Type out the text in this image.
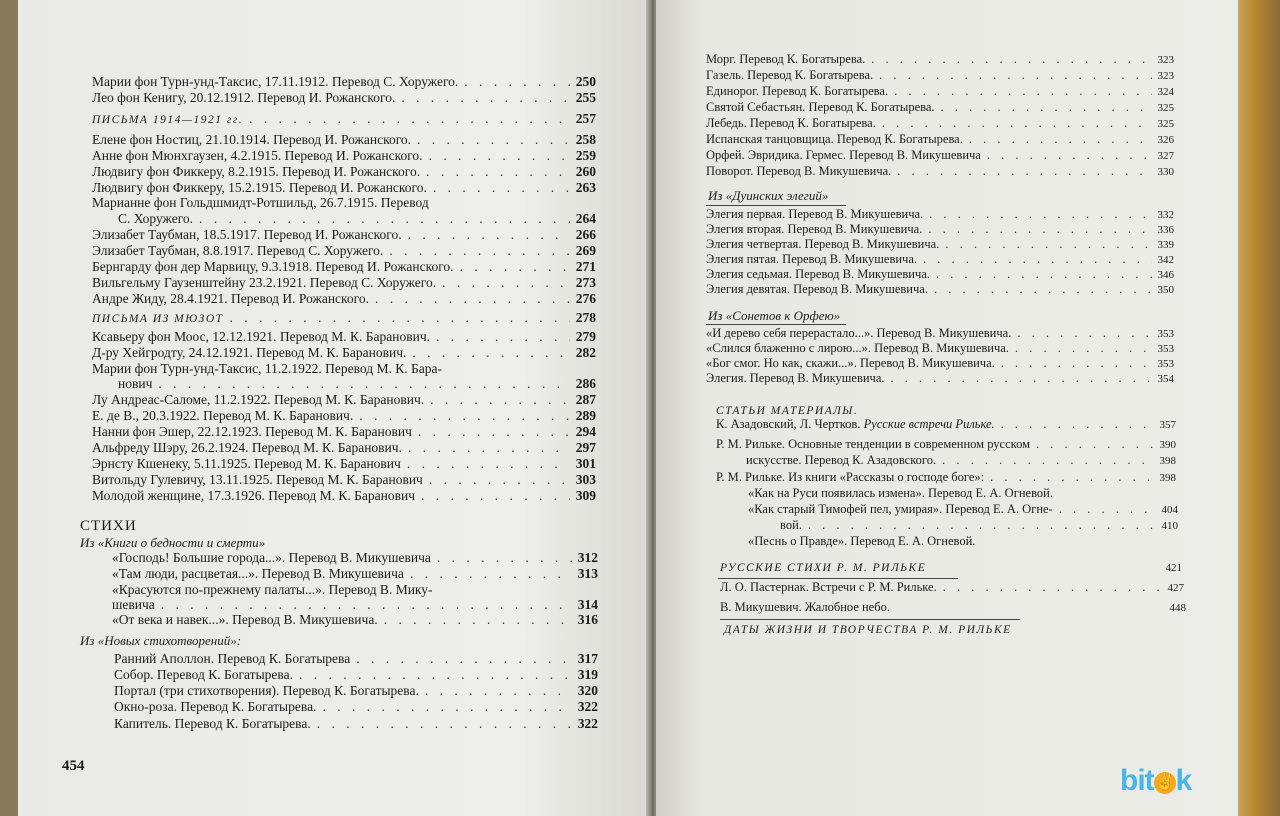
Марии фон Турн-унд-Таксис, 17.11.1912. Перевод С. Хоружего. . . .	250
Лео фон Кенигу, 20.12.1912. Перевод И. Рожанского. . . .	255
ПИСЬМА 1914—1921 гг. . . .	257
Елене фон Ностиц, 21.10.1914. Перевод И. Рожанского. . . .	258
Анне фон Мюнхгаузен, 4.2.1915. Перевод И. Рожанского. . . .	259
Людвигу фон Фиккеру, 8.2.1915. Перевод И. Рожанского. . . .	260
Людвигу фон Фиккеру, 15.2.1915. Перевод И. Рожанского. . . .	263
Марианне фон Гольдшмидт-Ротшильд, 26.7.1915. Перевод
С. Хоружего. . . .	264
Элизабет Таубман, 18.5.1917. Перевод И. Рожанского. . . .	266
Элизабет Таубман, 8.8.1917. Перевод С. Хоружего. . . .	269
Бернгарду фон дер Марвицу, 9.3.1918. Перевод И. Рожанского. . . .	271
Вильгельму Гаузенштейну 23.2.1921. Перевод С. Хоружего. . . .	273
Андре Жиду, 28.4.1921. Перевод И. Рожанского. . . .	276
ПИСЬМА ИЗ МЮЗОТ . . .	278
Ксавьеру фон Моос, 12.12.1921. Перевод М. К. Баранович. . . .	279
Д-ру Хейгродту, 24.12.1921. Перевод М. К. Баранович. . . .	282
Марии фон Турн-унд-Таксис, 11.2.1922. Перевод М. К. Бара-
нович . . .	286
Лу Андреас-Саломе, 11.2.1922. Перевод М. К. Баранович. . . .	287
Е. де В., 20.3.1922. Перевод М. К. Баранович. . . .	289
Нанни фон Эшер, 22.12.1923. Перевод М. К. Баранович . . .	294
Альфреду Шэру, 26.2.1924. Перевод М. К. Баранович. . . .	297
Эрнсту Кшенеку, 5.11.1925. Перевод М. К. Баранович . . .	301
Витольду Гулевичу, 13.11.1925. Перевод М. К. Баранович . . .	303
Молодой женщине, 17.3.1926. Перевод М. К. Баранович . . .	309
СТИХИ
Из «Книги о бедности и смерти»
«Господь! Большие города...». Перевод В. Микушевича . . .	312
«Там люди, расцветая...». Перевод В. Микушевича . . .	313
«Красуются по-прежнему палаты...». Перевод В. Мику-
шевича . . .	314
«От века и навек...». Перевод В. Микушевича. . . .	316
Из «Новых стихотворений»:
Ранний Аполлон. Перевод К. Богатырева . . .	317
Собор. Перевод К. Богатырева. . . .	319
Портал (три стихотворения). Перевод К. Богатырева. . . .	320
Окно-роза. Перевод К. Богатырева. . . .	322
Капитель. Перевод К. Богатырева. . . .	322
454
Морг. Перевод К. Богатырева. . . .	323
Газель. Перевод К. Богатырева. . . .	323
Единорог. Перевод К. Богатырева. . . .	324
Святой Себастьян. Перевод К. Богатырева. . . .	325
Лебедь. Перевод К. Богатырева. . . .	325
Испанская танцовщица. Перевод К. Богатырева. . . .	326
Орфей. Эвридика. Гермес. Перевод В. Микушевича . . .	327
Поворот. Перевод В. Микушевича. . . .	330
Из «Дуинских элегий»
Элегия первая. Перевод В. Микушевича. . . .	332
Элегия вторая. Перевод В. Микушевича. . . .	336
Элегия четвертая. Перевод В. Микушевича. . . .	339
Элегия пятая. Перевод В. Микушевича. . . .	342
Элегия седьмая. Перевод В. Микушевича. . . .	346
Элегия девятая. Перевод В. Микушевича. . . .	350
Из «Сонетов к Орфею»
«И дерево себя перерастало...». Перевод В. Микушевича. . . .	353
«Слился блаженно с лирою...». Перевод В. Микушевича. . . .	353
«Бог смог. Но как, скажи...». Перевод В. Микушевича. . . .	353
Элегия. Перевод В. Микушевича. . . .	354
СТАТЬИ МАТЕРИАЛЫ.
К. Азадовский, Л. Чертков. Русские встречи Рильке. . . .	357
Р. М. Рильке. Основные тенденции в современном русском . . .	390
искусстве. Перевод К. Азадовского. . . .	398
Р. М. Рильке. Из книги «Рассказы о господе боге»: . . .	398
«Как на Руси появилась измена». Перевод Е. А. Огневой.
«Как старый Тимофей пел, умирая». Перевод Е. А. Огне- . . .	404
вой. . . .	410
«Песнь о Правде». Перевод Е. А. Огневой.
РУССКИЕ СТИХИ Р. М. РИЛЬКЕ	421
Л. О. Пастернак. Встречи с Р. М. Рильке. . . .	427
В. Микушевич. Жалобное небо.	448
ДАТЫ ЖИЗНИ И ТВОРЧЕСТВА Р. М. РИЛЬКЕ
bit✌k
